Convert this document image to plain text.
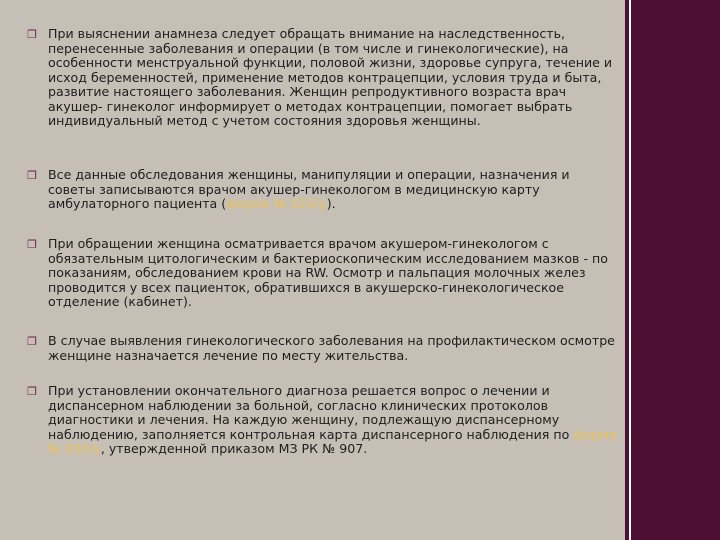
❐ При выяснении анамнеза следует обращать внимание на наследственность, перенесенные заболевания и операции (в том числе и гинекологические), на особенности менструальной функции, половой жизни, здоровье супруга, течение и исход беременностей, применение методов контрацепции, условия труда и быта, развитие настоящего заболевания. Женщин репродуктивного возраста врач акушер- гинеколог информирует о методах контрацепции, помогает выбрать индивидуальный метод с учетом состояния здоровья женщины.

❐ Все данные обследования женщины, манипуляции и операции, назначения и советы записываются врачом акушер-гинекологом в медицинскую карту амбулаторного пациента (форма № 025/у).

❐ При обращении женщина осматривается врачом акушером-гинекологом с обязательным цитологическим и бактериоскопическим исследованием мазков - по показаниям, обследованием крови на RW. Осмотр и пальпация молочных желез проводится у всех пациенток, обратившихся в акушерско-гинекологическое отделение (кабинет).

❐ В случае выявления гинекологического заболевания на профилактическом осмотре женщине назначается лечение по месту жительства.

❐ При установлении окончательного диагноза решается вопрос о лечении и диспансерном наблюдении за больной, согласно клинических протоколов диагностики и лечения. На каждую женщину, подлежащую диспансерному наблюдению, заполняется контрольная карта диспансерного наблюдения по форме № 030/у, утвержденной приказом МЗ РК № 907.
